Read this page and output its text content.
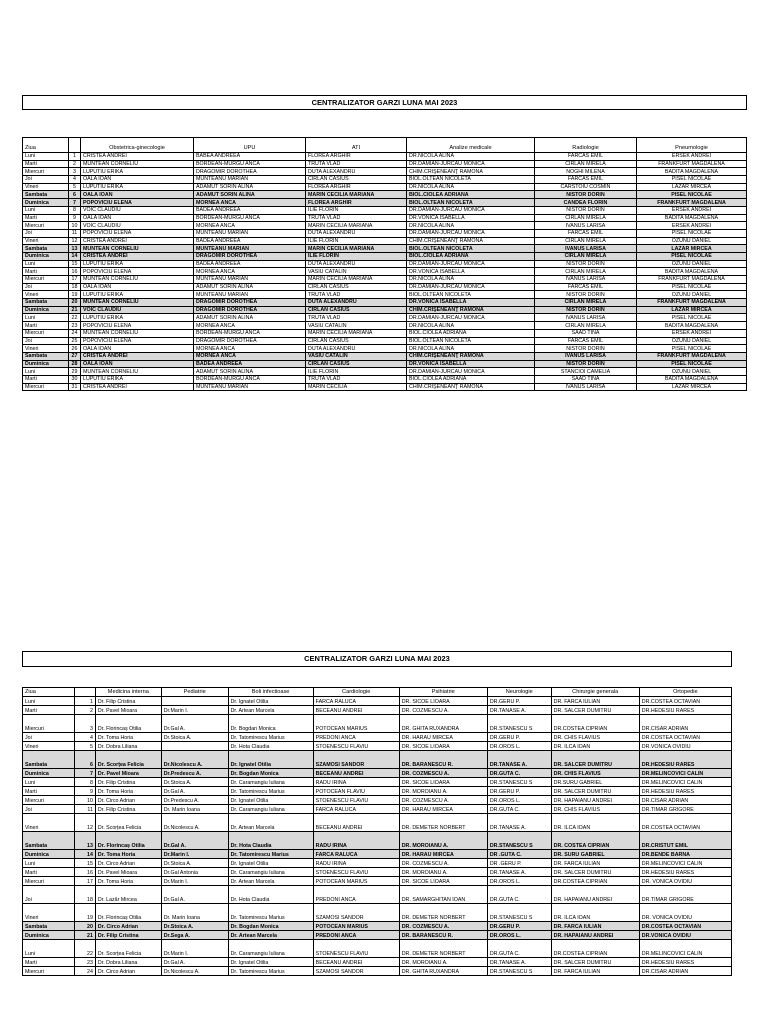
CENTRALIZATOR GARZI LUNA MAI 2023
Ziua		Obstetrica-ginecologie	UPU	ATI	Analize medicale	Radiologie	Pneumologie
Luni	1	CRISTEA ANDREI	BABEA ANDREEA	FLOREA ARGHIR	DR.NICOLA ALINA	FARCAS EMIL	ERSEK ANDREI
Marti	2	MUNTEAN CORNELIU	BORDEAN-MURGU ANCA	TRUTA VLAD	DR.DAMIAN-JURCAU MONICA	CIRLAN MIRELA	FRANKFURT MAGDALENA
Miercuri	3	LUPUTIU ERIKA	DRAGOMIR DOROTHEA	DUTA ALEXANDRU	CHIM.CRIŞENEANŢ RAMONA	NOGHI MILENA	BADITA MAGDALENA
Joi	4	OALA IOAN	MUNTEANU MARIAN	CIRLAN CASIUS	BIOL.OLTEAN NICOLETA	FARCAS EMIL	PISEL NICOLAE
Vineri	5	LUPUTIU ERIKA	ADAMUT SORIN ALINA	FLOREA ARGHIR	DR.NICOLA ALINA	CARSTOIU COSMIN	LAZAR MIRCEA
Sambata	6	OALA IOAN	ADAMUT SORIN ALINA	MARIN CECILIA MARIANA	BIOL.CIOLEA ADRIANA	NISTOR DORIN	PISEL NICOLAE
Duminica	7	POPOVICIU ELENA	MORNEA ANCA	FLOREA ARGHIR	BIOL.OLTEAN NICOLETA	CANDEA FLORIN	FRANKFURT MAGDALENA
Luni	8	VOIC CLAUDIU	BADEA ANDREEA	ILIE FLORIN	DR.DAMIAN-JURCAU MONICA	NISTOR DORIN	ERSEK ANDREI
Marti	9	OALA IOAN	BORDEAN-MURGU ANCA	TRUTA VLAD	DR.VONICA ISABELLA	CIRLAN MIRELA	BADITA MAGDALENA
Miercuri	10	VOIC CLAUDIU	MORNEA ANCA	MARIN CECILIA MARIANA	DR.NICOLA ALINA	IVANUS LARISA	ERSEK ANDREI
Joi	11	POPOVICIU ELENA	MUNTEANU MARIAN	DUTA ALEXANDRU	DR.DAMIAN-JURCAU MONICA	FARCAS EMIL	PISEL NICOLAE
Vineri	12	CRISTEA ANDREI	BADEA ANDREEA	ILIE FLORIN	CHIM.CRIŞENEANŢ RAMONA	CIRLAN MIRELA	OZUNU DANIEL
Sambata	13	MUNTEAN CORNELIU	MUNTEANU MARIAN	MARIN CECILIA MARIANA	BIOL.OLTEAN NICOLETA	IVANUS LARISA	LAZAR MIRCEA
Duminica	14	CRISTEA ANDREI	DRAGOMIR DOROTHEA	ILIE FLORIN	BIOL.CIOLEA ADRIANA	CIRLAN MIRELA	PISEL NICOLAE
Luni	15	LUPUTIU ERIKA	BADEA ANDREEA	DUTA ALEXANDRU	DR.DAMIAN-JURCAU MONICA	NISTOR DORIN	OZUNU DANIEL
Marti	16	POPOVICIU ELENA	MORNEA ANCA	VASIU CATALIN	DR.VONICA ISABELLA	CIRLAN MIRELA	BADITA MAGDALENA
Miercuri	17	MUNTEAN CORNELIU	MUNTEANU MARIAN	MARIN CECILIA MARIANA	DR.NICOLA ALINA	IVANUS LARISA	FRANKFURT MAGDALENA
Joi	18	OALA IOAN	ADAMUT SORIN ALINA	CIRLAN CASIUS	DR.DAMIAN-JURCAU MONICA	FARCAS EMIL	PISEL NICOLAE
Vineri	19	LUPUTIU ERIKA	MUNTEANU MARIAN	TRUTA VLAD	BIOL.OLTEAN NICOLETA	NISTOR DORIN	OZUNU DANIEL
Sambata	20	MUNTEAN CORNELIU	DRAGOMIR DOROTHEA	DUTA ALEXANDRU	DR.VONICA ISABELLA	CIRLAN MIRELA	FRANKFURT MAGDALENA
Duminica	21	VOIC CLAUDIU	DRAGOMIR DOROTHEA	CIRLAN CASIUS	CHIM.CRIŞENEANŢ RAMONA	NISTOR DORIN	LAZAR MIRCEA
Luni	22	LUPUTIU ERIKA	ADAMUT SORIN ALINA	TRUTA VLAD	DR.DAMIAN-JURCAU MONICA	IVANUS LARISA	PISEL NICOLAE
Marti	23	POPOVICIU ELENA	MORNEA ANCA	VASIU CATALIN	DR.NICOLA ALINA	CIRLAN MIRELA	BADITA MAGDALENA
Miercuri	24	MUNTEAN CORNELIU	BORDEAN-MURGU ANCA	MARIN CECILIA MARIANA	BIOL.CIOLEA ADRIANA	SAAD TINA	ERSEK ANDREI
Joi	25	POPOVICIU ELENA	DRAGOMIR DOROTHEA	CIRLAN CASIUS	BIOL.OLTEAN NICOLETA	FARCAS EMIL	OZUNU DANIEL
Vineri	26	OALA IOAN	MORNEA ANCA	DUTA ALEXANDRU	DR.NICOLA ALINA	NISTOR DORIN	PISEL NICOLAE
Sambata	27	CRISTEA ANDREI	MORNEA ANCA	VASIU CATALIN	CHIM.CRIŞENEANŢ RAMONA	IVANUS LARISA	FRANKFURT MAGDALENA
Duminica	28	OALA IOAN	BADEA ANDREEA	CIRLAN CASIUS	DR.VONICA ISABELLA	NISTOR DORIN	PISEL NICOLAE
Luni	29	MUNTEAN CORNELIU	ADAMUT SORIN ALINA	ILIE FLORIN	DR.DAMIAN-JURCAU MONICA	STANCIOI CAMELIA	OZUNU DANIEL
Marti	30	LUPUTIU ERIKA	BORDEAN-MURGU ANCA	TRUTA VLAD	BIOL.CIOLEA ADRIANA	SAAD TINA	BADITA MAGDALENA
Miercuri	31	CRISTEA ANDREI	MUNTEANU MARIAN	MARIN CECILIA	CHIM.CRIŞENEANŢ RAMONA	IVANUS LARISA	LAZAR MIRCEA
CENTRALIZATOR GARZI LUNA MAI 2023
Ziua		Medicina interna	Pediatrie	Boli infectioase	Cardiologie	Psihiatrie	Neurologie	Chirurgie generala	Ortopedie
Luni	1	Dr. Filip Cristina		Dr. Ignatel Otilia	FARCA RALUCA	DR. SICOE LIOARA	DR.GERU P.	DR. FARCA IULIAN	DR.COSTEA OCTAVIAN
Marti	2	Dr. Pavel Mioara	Dr.Marin I.	Dr. Artean Marcela	BECEANU ANDREI	DR. COZMESCU A.	DR.TANASE A.	DR. SALCER DUMITRU	DR.HEDESIU RARES
Miercuri	3	Dr. Florincaș Otilia	Dr.Gal A.	Dr. Bogdan Monica	POTOCEAN MARIUS	DR. GHITA RUXANDRA	DR.STANESCU S	DR.COSTEA CIPRIAN	DR.CISAR ADRIAN
Joi	4	Dr. Toma Horia	Dr.Stoica A.	Dr. Tatomirescu Marius	PREDONI ANCA	DR. HARAU MIRCEA	DR.GERU P.	DR. CHIS FLAVIUS	DR.COSTEA OCTAVIAN
Vineri	5	Dr. Dobra Liliana		Dr. Hota Claudia	STOENESCU FLAVIU	DR. SICOE LIOARA	DR.OROS L.	DR. ILCA IOAN	DR.VONICA OVIDIU
Sambata	6	Dr. Scorțea Felicia	Dr.Nicolescu A.	Dr. Ignatel Otilia	SZAMOSI SANDOR	DR. BARANESCU R.	DR.TANASE A.	DR. SALCER DUMITRU	DR.HEDESIU RARES
Duminica	7	Dr. Pavel Mioara	Dr.Predescu A.	Dr. Bogdan Monica	BECEANU ANDREI	DR. COZMESCU A.	DR.GUTA C.	DR. CHIS FLAVIUS	DR.MELINCOVICI CALIN
Luni	8	Dr. Filip Cristina	Dr.Stoica A.	Dr. Caramangiu Iuliana	RADU IRINA	DR. SICOE LIOARA	DR.STANESCU S	DR.SURU GABRIEL	DR.MELINCOVICI CALIN
Marti	9	Dr. Toma Horia	Dr.Gal A.	Dr. Tatomirescu Marius	POTOCEAN FLAVIU	DR. MOROIANU A.	DR.GERU P.	DR. SALCER DUMITRU	DR.HEDESIU RARES
Miercuri	10	Dr. Circo Adrian	Dr.Predescu A.	Dr. Ignatel Otilia	STOENESCU FLAVIU	DR. COZMESCU A.	DR.OROS L.	DR. HAPAIANU ANDREI	DR.CISAR ADRIAN
Joi	11	Dr. Filip Cristina	Dr. Marin Ioana	Dr. Caramangiu Iuliana	FARCA RALUCA	DR. HARAU MIRCEA	DR.GUTA C.	DR. CHIS FLAVIUS	DR.TIMAR GRIGORE
Vineri	12	Dr. Scorțea Felicia	Dr.Nicolescu A.	Dr. Artean Marcela	BECEANU ANDREI	DR. DEMETER NORBERT	DR.TANASE A.	DR. ILCA IOAN	DR.COSTEA OCTAVIAN
Sambata	13	Dr. Florincaș Otilia	Dr.Gal A.	Dr. Hota Claudia	RADU IRINA	DR. MOROIANU A.	DR.STANESCU S	DR. COSTEA CIPRIAN	DR.CRISTUT EMIL
Duminica	14	Dr. Toma Horia	Dr.Marin I.	Dr. Tatomirescu Marius	FARCA RALUCA	DR. HARAU MIRCEA	DR .GUTA C.	DR. SURU GABRIEL	DR.BENDE BARNA
Luni	15	Dr. Circo Adrian	Dr.Stoica A.	Dr. Ignatel Otilia	RADU IRINA	DR. COZMESCU A.	DR .GERU P.	DR. FARCA IULIAN	DR.MELINCOVICI CALIN
Marti	16	Dr. Pavel Mioara	Dr.Gal Antonia	Dr. Caramangiu Iuliana	STOENESCU FLAVIU	DR. MOROIANU A.	DR.TANASE A.	DR. SALCER DUMITRU	DR.HEDESIU RARES
Miercuri	17	Dr. Toma Horia	Dr.Marin I.	Dr. Artean Marcela	POTOCEAN MARIUS	DR. SICOE LIOARA	DR.OROS L.	DR.COSTEA CIPRIAN	DR. VONICA OVIDIU
Joi	18	Dr. Lazăr Mircea	Dr.Gal A.	Dr. Hota Claudia	PREDONI ANCA	DR. SAMARGHITAN IOAN	DR.GUTA C.	DR. HAPAIANU ANDREI	DR.TIMAR GRIGORE
Vineri	19	Dr. Florincaș Otilia	Dr. Marin Ioana	Dr. Tatomirescu Marius	SZAMOSI SANDOR	DR. DEMETER NORBERT	DR.STANESCU S	DR. ILCA IOAN	DR. VONICA OVIDIU
Sambata	20	Dr. Circo Adrian	Dr.Stoica A.	Dr. Bogdan Monica	POTOCEAN MARIUS	DR. COZMESCU A.	DR.GERU P.	DR. FARCA IULIAN	DR.COSTEA OCTAVIAN
Duminica	21	Dr. Filip Cristina	Dr.Sega A.	Dr. Artean Marcela	PREDONI ANCA	DR. BARANESCU R.	DR.OROS L.	DR. HAPAIANU ANDREI	DR.VONICA OVIDIU
Luni	22	Dr. Scorțea Felicia	Dr.Marin I.	Dr. Caramangiu Iuliana	STOENESCU FLAVIU	DR. DEMETER NORBERT	DR.GUTA C.	DR.COSTEA CIPRIAN	DR.MELINCOVICI CALIN
Marti	23	Dr. Dobra Liliana	Dr.Gal A.	Dr. Ignatel Otilia	BECEANU ANDREI	DR. MOROIANU A.	DR.TANASE A.	DR. SALCER DUMITRU	DR.HEDESIU RARES
Miercuri	24	Dr. Circo Adrian	Dr.Nicolescu A.	Dr. Tatomirescu Marius	SZAMOSI SANDOR	DR. GHITA RUXANDRA	DR.STANESCU S	DR. FARCA IULIAN	DR.CISAR ADRIAN
